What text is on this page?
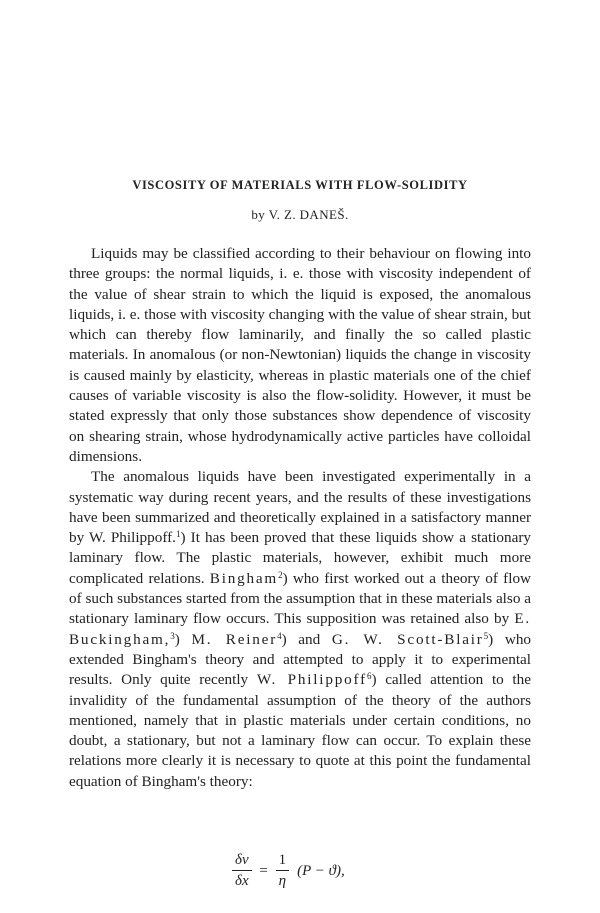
VISCOSITY OF MATERIALS WITH FLOW-SOLIDITY
by V. Z. DANEŠ.

Liquids may be classified according to their behaviour on flowing into three groups: the normal liquids, i. e. those with viscosity independent of the value of shear strain to which the liquid is exposed, the anomalous liquids, i. e. those with viscosity changing with the value of shear strain, but which can thereby flow laminarily, and finally the so called plastic materials. In anomalous (or non-Newtonian) liquids the change in viscosity is caused mainly by elasticity, whereas in plastic materials one of the chief causes of variable viscosity is also the flow-solidity. However, it must be stated expressly that only those substances show dependence of viscosity on shearing strain, whose hydrodynamically active particles have colloidal dimensions.

The anomalous liquids have been investigated experimentally in a systematic way during recent years, and the results of these investigations have been summarized and theoretically explained in a satisfactory manner by W. Philippoff.$^1$) It has been proved that these liquids show a stationary laminary flow. The plastic materials, however, exhibit much more complicated relations. Bingham$^2$) who first worked out a theory of flow of such substances started from the assumption that in these materials also a stationary laminary flow occurs. This supposition was retained also by E. Buckingham,$^3$) M. Reiner$^4$) and G. W. Scott-Blair$^5$) who extended Bingham's theory and attempted to apply it to experimental results. Only quite recently W. Philippoff$^6$) called attention to the invalidity of the fundamental assumption of the theory of the authors mentioned, namely that in plastic materials under certain conditions, no doubt, a stationary, but not a laminary flow can occur. To explain these relations more clearly it is necessary to quote at this point the fundamental equation of Bingham's theory:

$\frac{\delta v}{\delta x} = \frac{1}{\eta} (P - ϑ)$,
